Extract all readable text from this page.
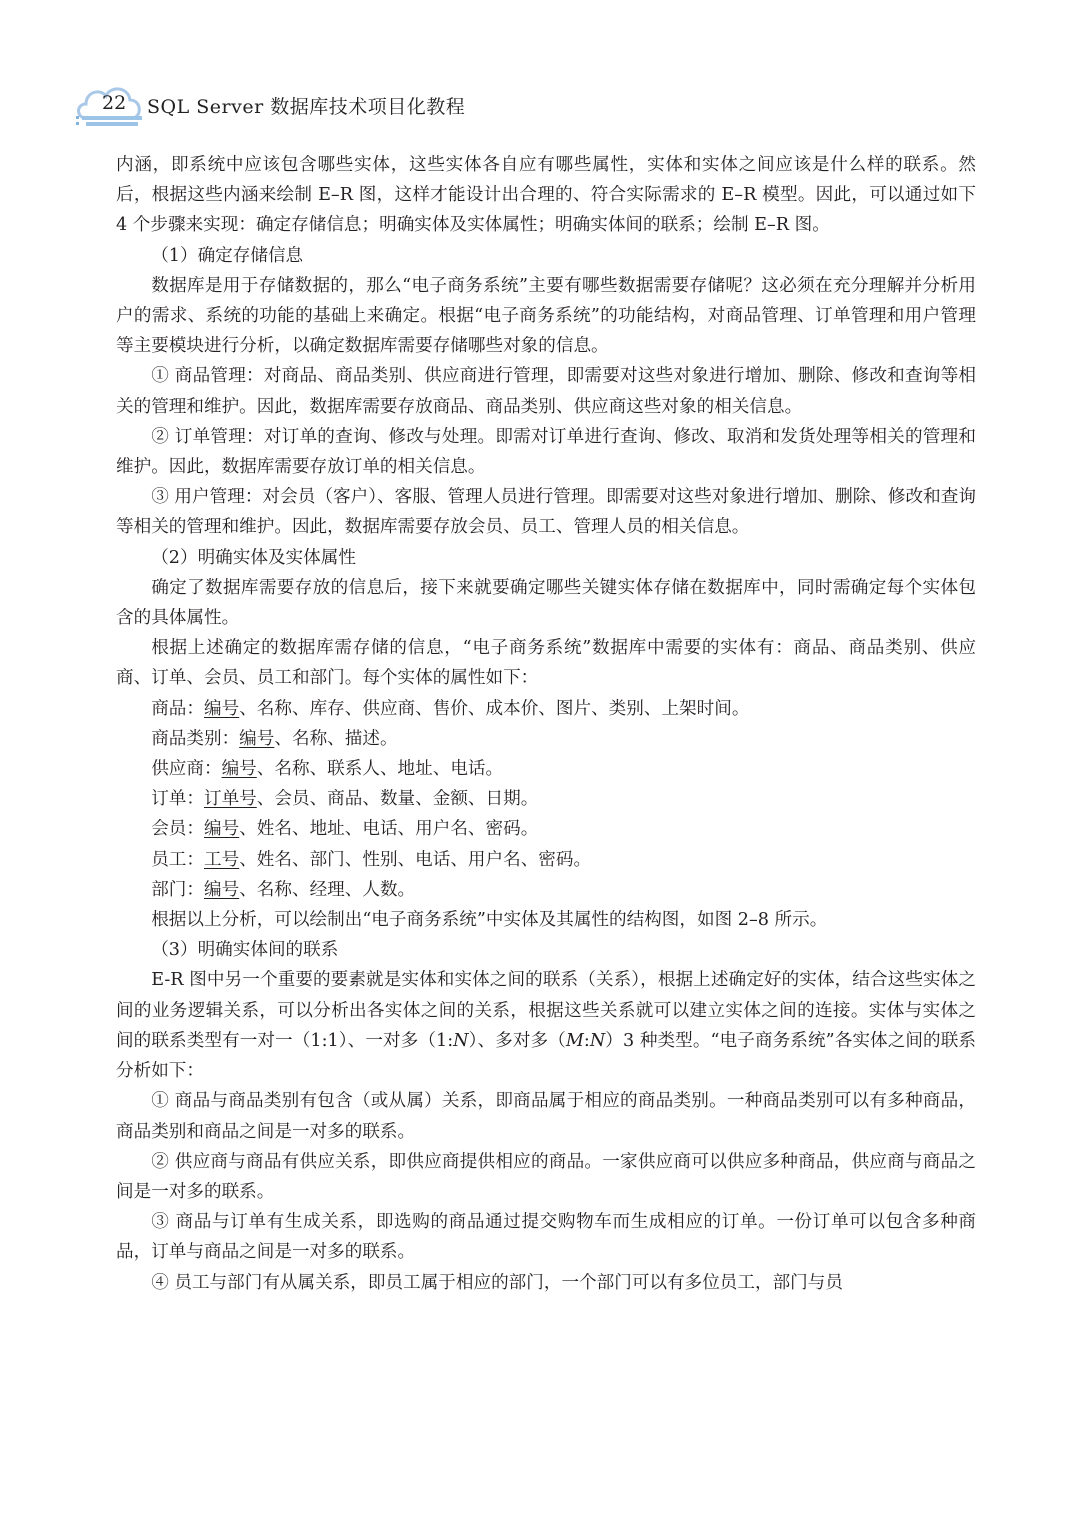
22 SQL Server 数据库技术项目化教程

内涵，即系统中应该包含哪些实体，这些实体各自应有哪些属性，实体和实体之间应该是什么样的联系。然后，根据这些内涵来绘制 E–R 图，这样才能设计出合理的、符合实际需求的 E–R 模型。因此，可以通过如下 4 个步骤来实现：确定存储信息；明确实体及实体属性；明确实体间的联系；绘制 E–R 图。

（1）确定存储信息

数据库是用于存储数据的，那么“电子商务系统”主要有哪些数据需要存储呢？这必须在充分理解并分析用户的需求、系统的功能的基础上来确定。根据“电子商务系统”的功能结构，对商品管理、订单管理和用户管理等主要模块进行分析，以确定数据库需要存储哪些对象的信息。

① 商品管理：对商品、商品类别、供应商进行管理，即需要对这些对象进行增加、删除、修改和查询等相关的管理和维护。因此，数据库需要存放商品、商品类别、供应商这些对象的相关信息。

② 订单管理：对订单的查询、修改与处理。即需对订单进行查询、修改、取消和发货处理等相关的管理和维护。因此，数据库需要存放订单的相关信息。

③ 用户管理：对会员（客户）、客服、管理人员进行管理。即需要对这些对象进行增加、删除、修改和查询等相关的管理和维护。因此，数据库需要存放会员、员工、管理人员的相关信息。

（2）明确实体及实体属性

确定了数据库需要存放的信息后，接下来就要确定哪些关键实体存储在数据库中，同时需确定每个实体包含的具体属性。

根据上述确定的数据库需存储的信息，“电子商务系统”数据库中需要的实体有：商品、商品类别、供应商、订单、会员、员工和部门。每个实体的属性如下：

商品：编号、名称、库存、供应商、售价、成本价、图片、类别、上架时间。

商品类别：编号、名称、描述。

供应商：编号、名称、联系人、地址、电话。

订单：订单号、会员、商品、数量、金额、日期。

会员：编号、姓名、地址、电话、用户名、密码。

员工：工号、姓名、部门、性别、电话、用户名、密码。

部门：编号、名称、经理、人数。

根据以上分析，可以绘制出“电子商务系统”中实体及其属性的结构图，如图 2–8 所示。

（3）明确实体间的联系

E-R 图中另一个重要的要素就是实体和实体之间的联系（关系），根据上述确定好的实体，结合这些实体之间的业务逻辑关系，可以分析出各实体之间的关系，根据这些关系就可以建立实体之间的连接。实体与实体之间的联系类型有一对一（1:1）、一对多（1:N）、多对多（M:N）3 种类型。“电子商务系统”各实体之间的联系分析如下：

① 商品与商品类别有包含（或从属）关系，即商品属于相应的商品类别。一种商品类别可以有多种商品，商品类别和商品之间是一对多的联系。

② 供应商与商品有供应关系，即供应商提供相应的商品。一家供应商可以供应多种商品，供应商与商品之间是一对多的联系。

③ 商品与订单有生成关系，即选购的商品通过提交购物车而生成相应的订单。一份订单可以包含多种商品，订单与商品之间是一对多的联系。

④ 员工与部门有从属关系，即员工属于相应的部门，一个部门可以有多位员工，部门与员
